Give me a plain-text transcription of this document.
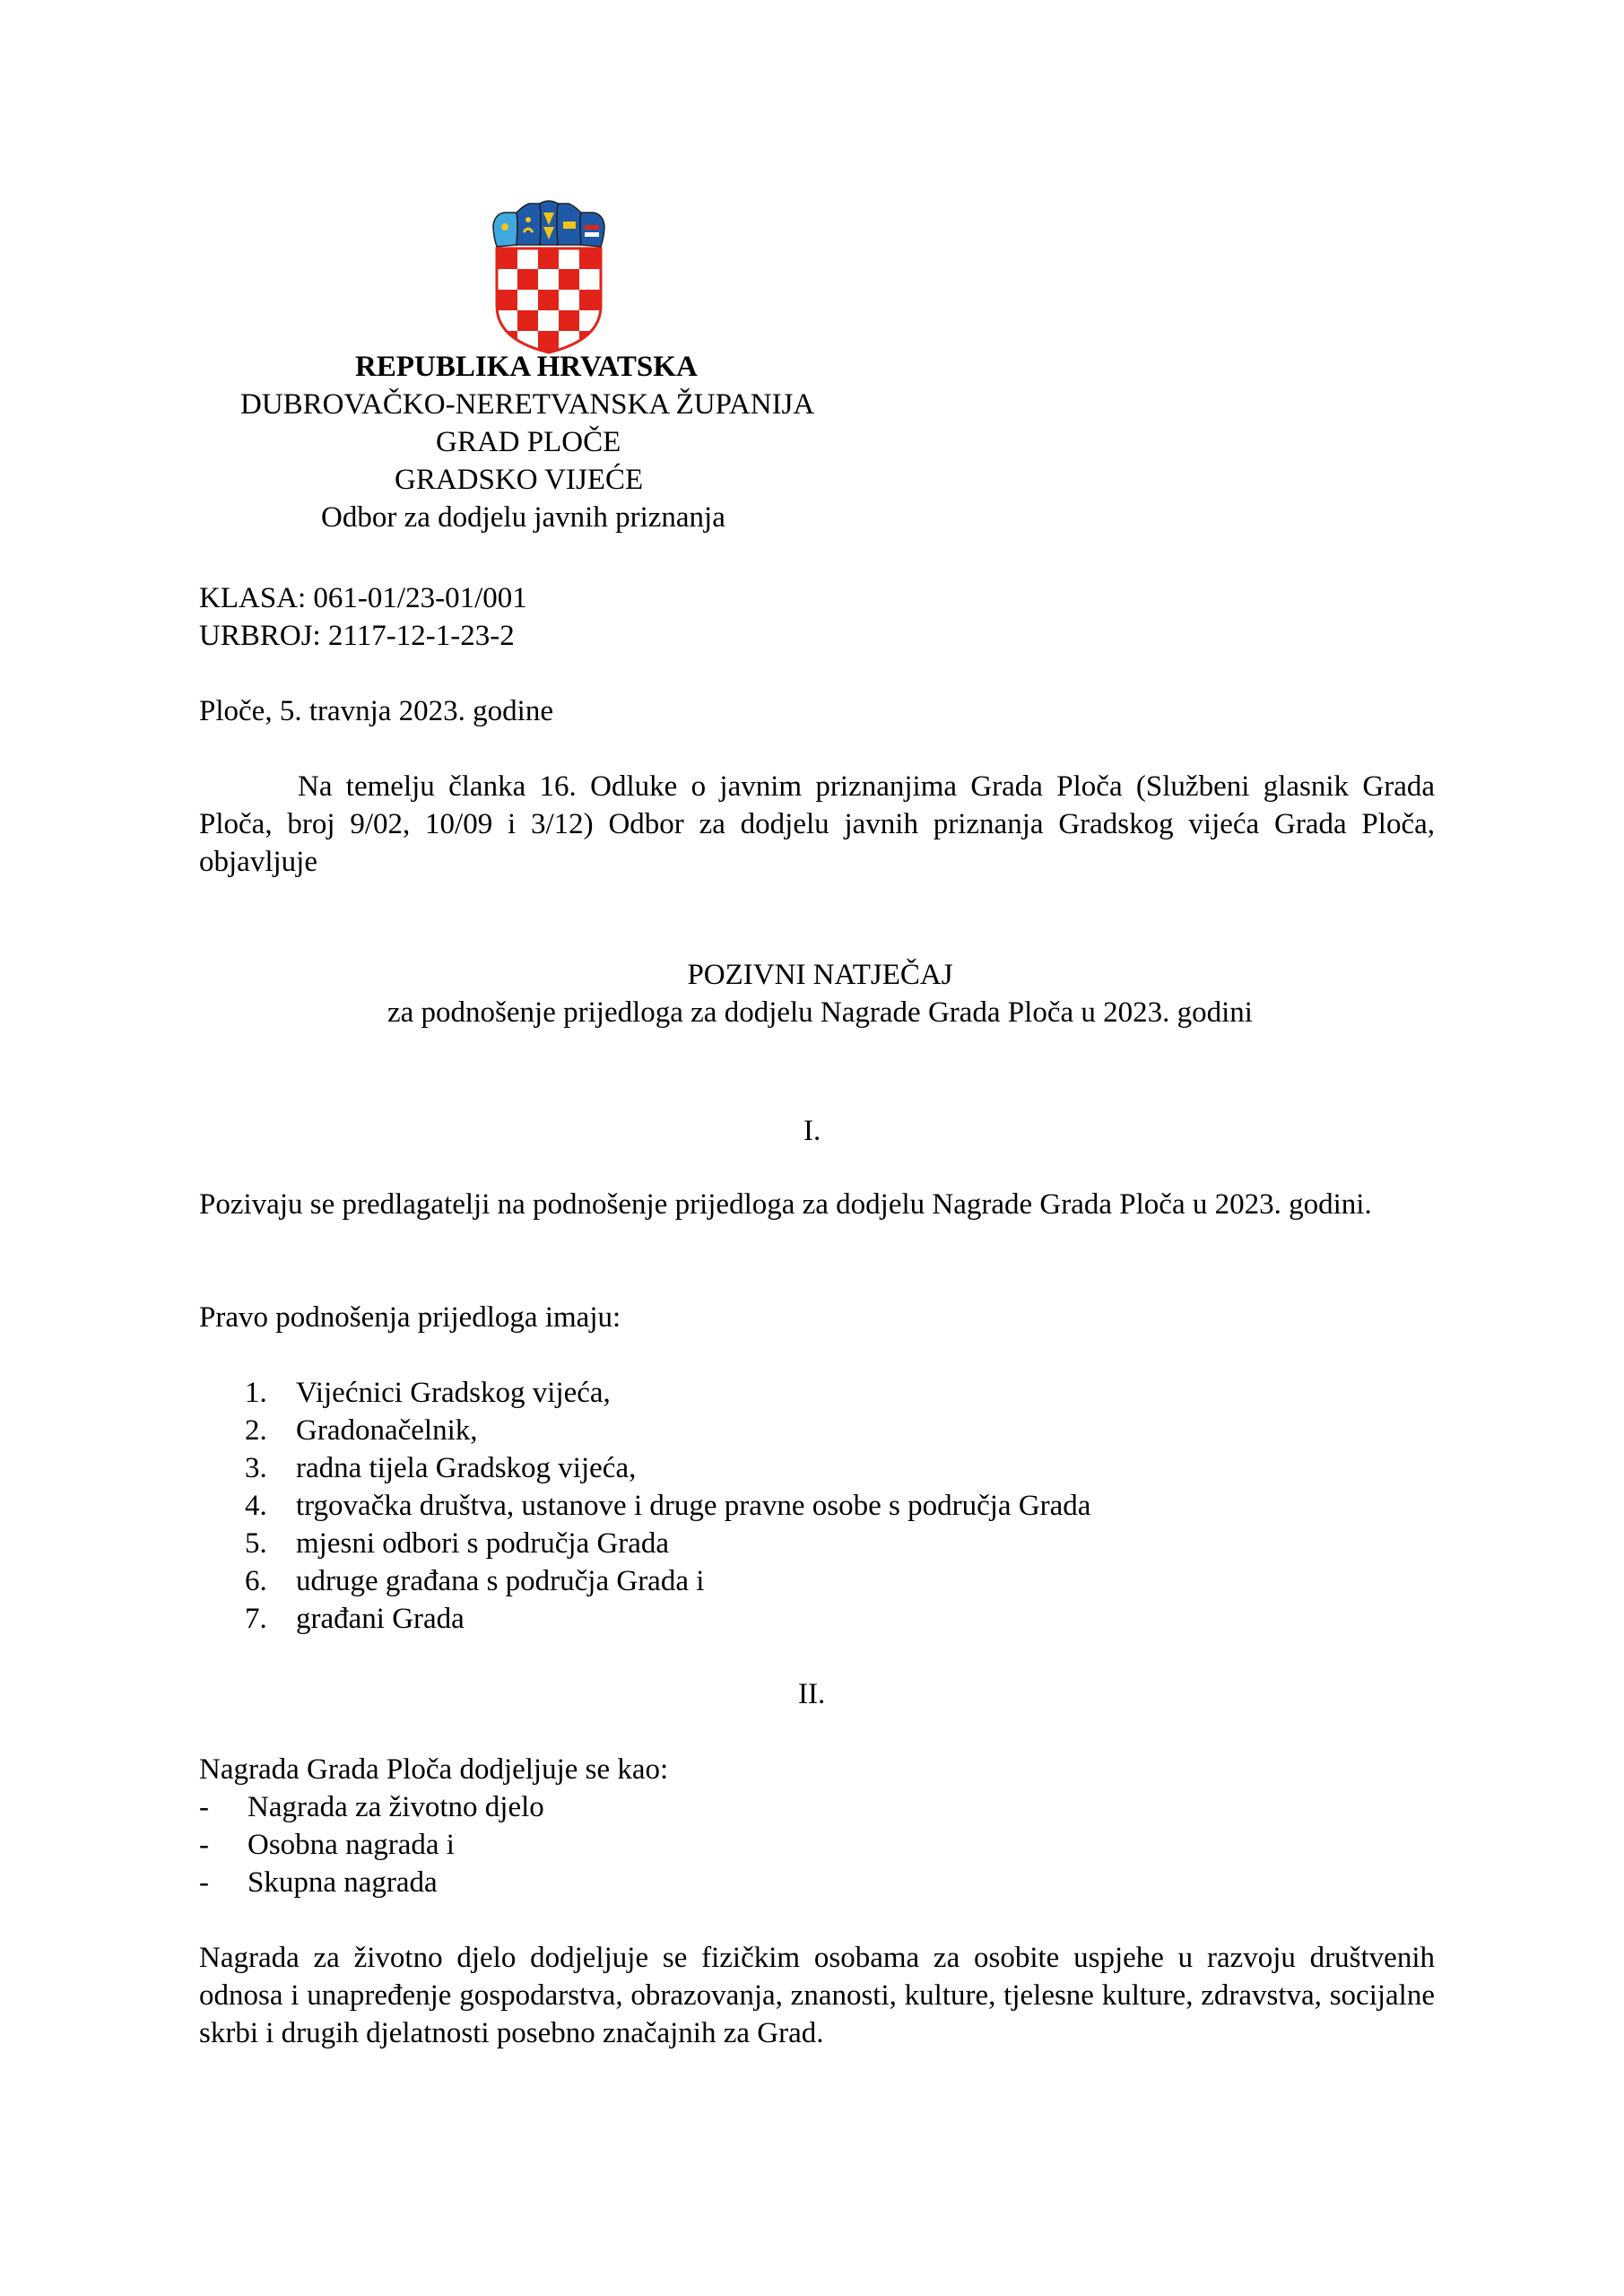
REPUBLIKA HRVATSKA
DUBROVAČKO-NERETVANSKA ŽUPANIJA
GRAD PLOČE
GRADSKO VIJEĆE
Odbor za dodjelu javnih priznanja
KLASA: 061-01/23-01/001
URBROJ: 2117-12-1-23-2
Ploče, 5. travnja 2023. godine
Na temelju članka 16. Odluke o javnim priznanjima Grada Ploča (Službeni glasnik Grada Ploča, broj 9/02, 10/09 i 3/12) Odbor za dodjelu javnih priznanja Gradskog vijeća Grada Ploča, objavljuje
POZIVNI NATJEČAJ
za podnošenje prijedloga za dodjelu Nagrade Grada Ploča u 2023. godini
I.
Pozivaju se predlagatelji na podnošenje prijedloga za dodjelu Nagrade Grada Ploča u 2023. godini.
Pravo podnošenja prijedloga imaju:
1. Vijećnici Gradskog vijeća,
2. Gradonačelnik,
3. radna tijela Gradskog vijeća,
4. trgovačka društva, ustanove i druge pravne osobe s područja Grada
5. mjesni odbori s područja Grada
6. udruge građana s područja Grada i
7. građani Grada
II.
Nagrada Grada Ploča dodjeljuje se kao:
- Nagrada za životno djelo
- Osobna nagrada i
- Skupna nagrada
Nagrada za životno djelo dodjeljuje se fizičkim osobama za osobite uspjehe u razvoju društvenih odnosa i unapređenje gospodarstva, obrazovanja, znanosti, kulture, tjelesne kulture, zdravstva, socijalne skrbi i drugih djelatnosti posebno značajnih za Grad.
